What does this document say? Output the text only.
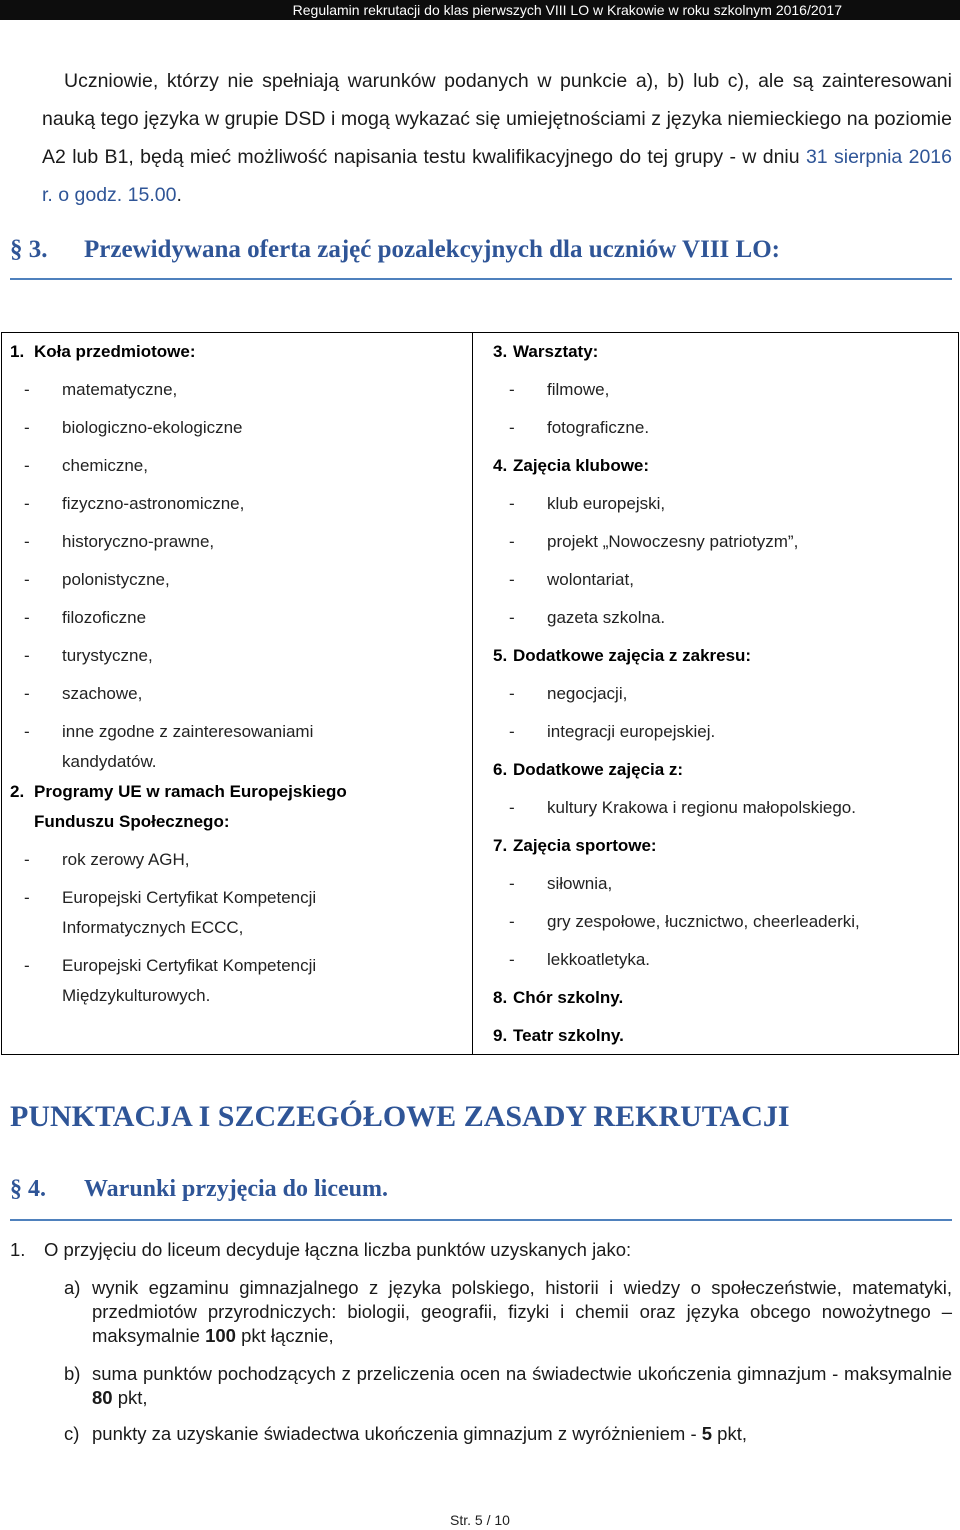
Regulamin rekrutacji do klas pierwszych VIII LO w Krakowie w roku szkolnym 2016/2017
Uczniowie, którzy nie spełniają warunków podanych w punkcie a), b) lub c), ale są zainteresowani nauką tego języka w grupie DSD i mogą wykazać się umiejętnościami z języka niemieckiego na poziomie A2 lub B1, będą mieć możliwość napisania testu kwalifikacyjnego do tej grupy - w dniu 31 sierpnia 2016 r. o godz. 15.00.
§ 3. Przewidywana oferta zajęć pozalekcyjnych dla uczniów VIII LO:
1. Koła przedmiotowe:
-	matematyczne,
-	biologiczno-ekologiczne
-	chemiczne,
-	fizyczno-astronomiczne,
-	historyczno-prawne,
-	polonistyczne,
-	filozoficzne
-	turystyczne,
-	szachowe,
-	inne zgodne z zainteresowaniami kandydatów.
2. Programy UE w ramach Europejskiego Funduszu Społecznego:
-	rok zerowy AGH,
-	Europejski Certyfikat Kompetencji Informatycznych ECCC,
-	Europejski Certyfikat Kompetencji Międzykulturowych.

3. Warsztaty:
-	filmowe,
-	fotograficzne.
4. Zajęcia klubowe:
-	klub europejski,
-	projekt „Nowoczesny patriotyzm”,
-	wolontariat,
-	gazeta szkolna.
5. Dodatkowe zajęcia z zakresu:
-	negocjacji,
-	integracji europejskiej.
6. Dodatkowe zajęcia z:
-	kultury Krakowa i regionu małopolskiego.
7. Zajęcia sportowe:
-	siłownia,
-	gry zespołowe, łucznictwo, cheerleaderki,
-	lekkoatletyka.
8. Chór szkolny.
9. Teatr szkolny.
PUNKTACJA I SZCZEGÓŁOWE ZASADY REKRUTACJI
§ 4. Warunki przyjęcia do liceum.
1.	O przyjęciu do liceum decyduje łączna liczba punktów uzyskanych jako:
a) wynik egzaminu gimnazjalnego z języka polskiego, historii i wiedzy o społeczeństwie, matematyki, przedmiotów przyrodniczych: biologii, geografii, fizyki i chemii oraz języka obcego nowożytnego – maksymalnie 100 pkt łącznie,
b) suma punktów pochodzących z przeliczenia ocen na świadectwie ukończenia gimnazjum - maksymalnie 80 pkt,
c) punkty za uzyskanie świadectwa ukończenia gimnazjum z wyróżnieniem - 5 pkt,
Str. 5 / 10
